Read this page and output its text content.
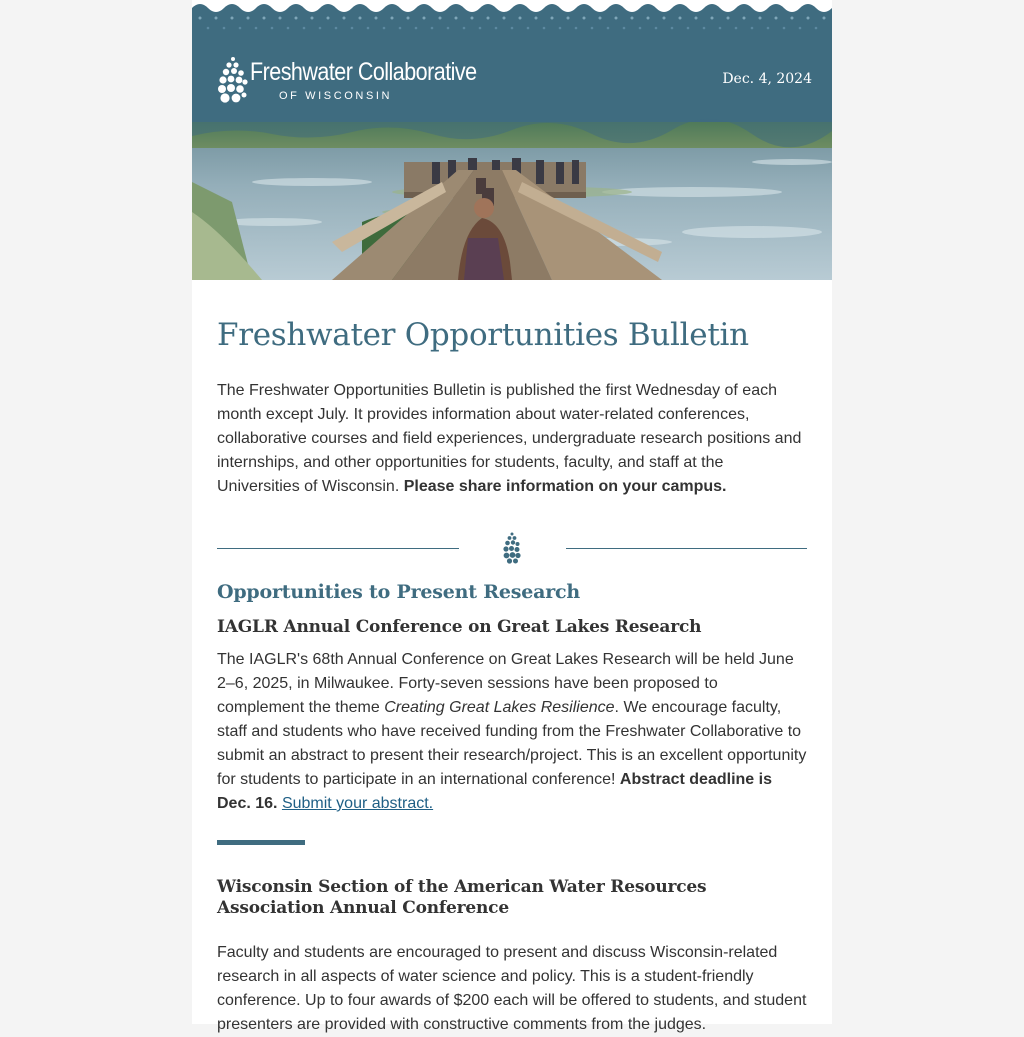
Freshwater Collaborative
OF WISCONSIN
Dec. 4, 2024
Freshwater Opportunities Bulletin

The Freshwater Opportunities Bulletin is published the first Wednesday of each month except July. It provides information about water-related conferences, collaborative courses and field experiences, undergraduate research positions and internships, and other opportunities for students, faculty, and staff at the Universities of Wisconsin. Please share information on your campus.

Opportunities to Present Research
IAGLR Annual Conference on Great Lakes Research

The IAGLR's 68th Annual Conference on Great Lakes Research will be held June 2–6, 2025, in Milwaukee. Forty-seven sessions have been proposed to complement the theme Creating Great Lakes Resilience. We encourage faculty, staff and students who have received funding from the Freshwater Collaborative to submit an abstract to present their research/project. This is an excellent opportunity for students to participate in an international conference! Abstract deadline is Dec. 16. Submit your abstract.

Wisconsin Section of the American Water Resources Association Annual Conference

Faculty and students are encouraged to present and discuss Wisconsin-related research in all aspects of water science and policy. This is a student-friendly conference. Up to four awards of $200 each will be offered to students, and student presenters are provided with constructive comments from the judges.
